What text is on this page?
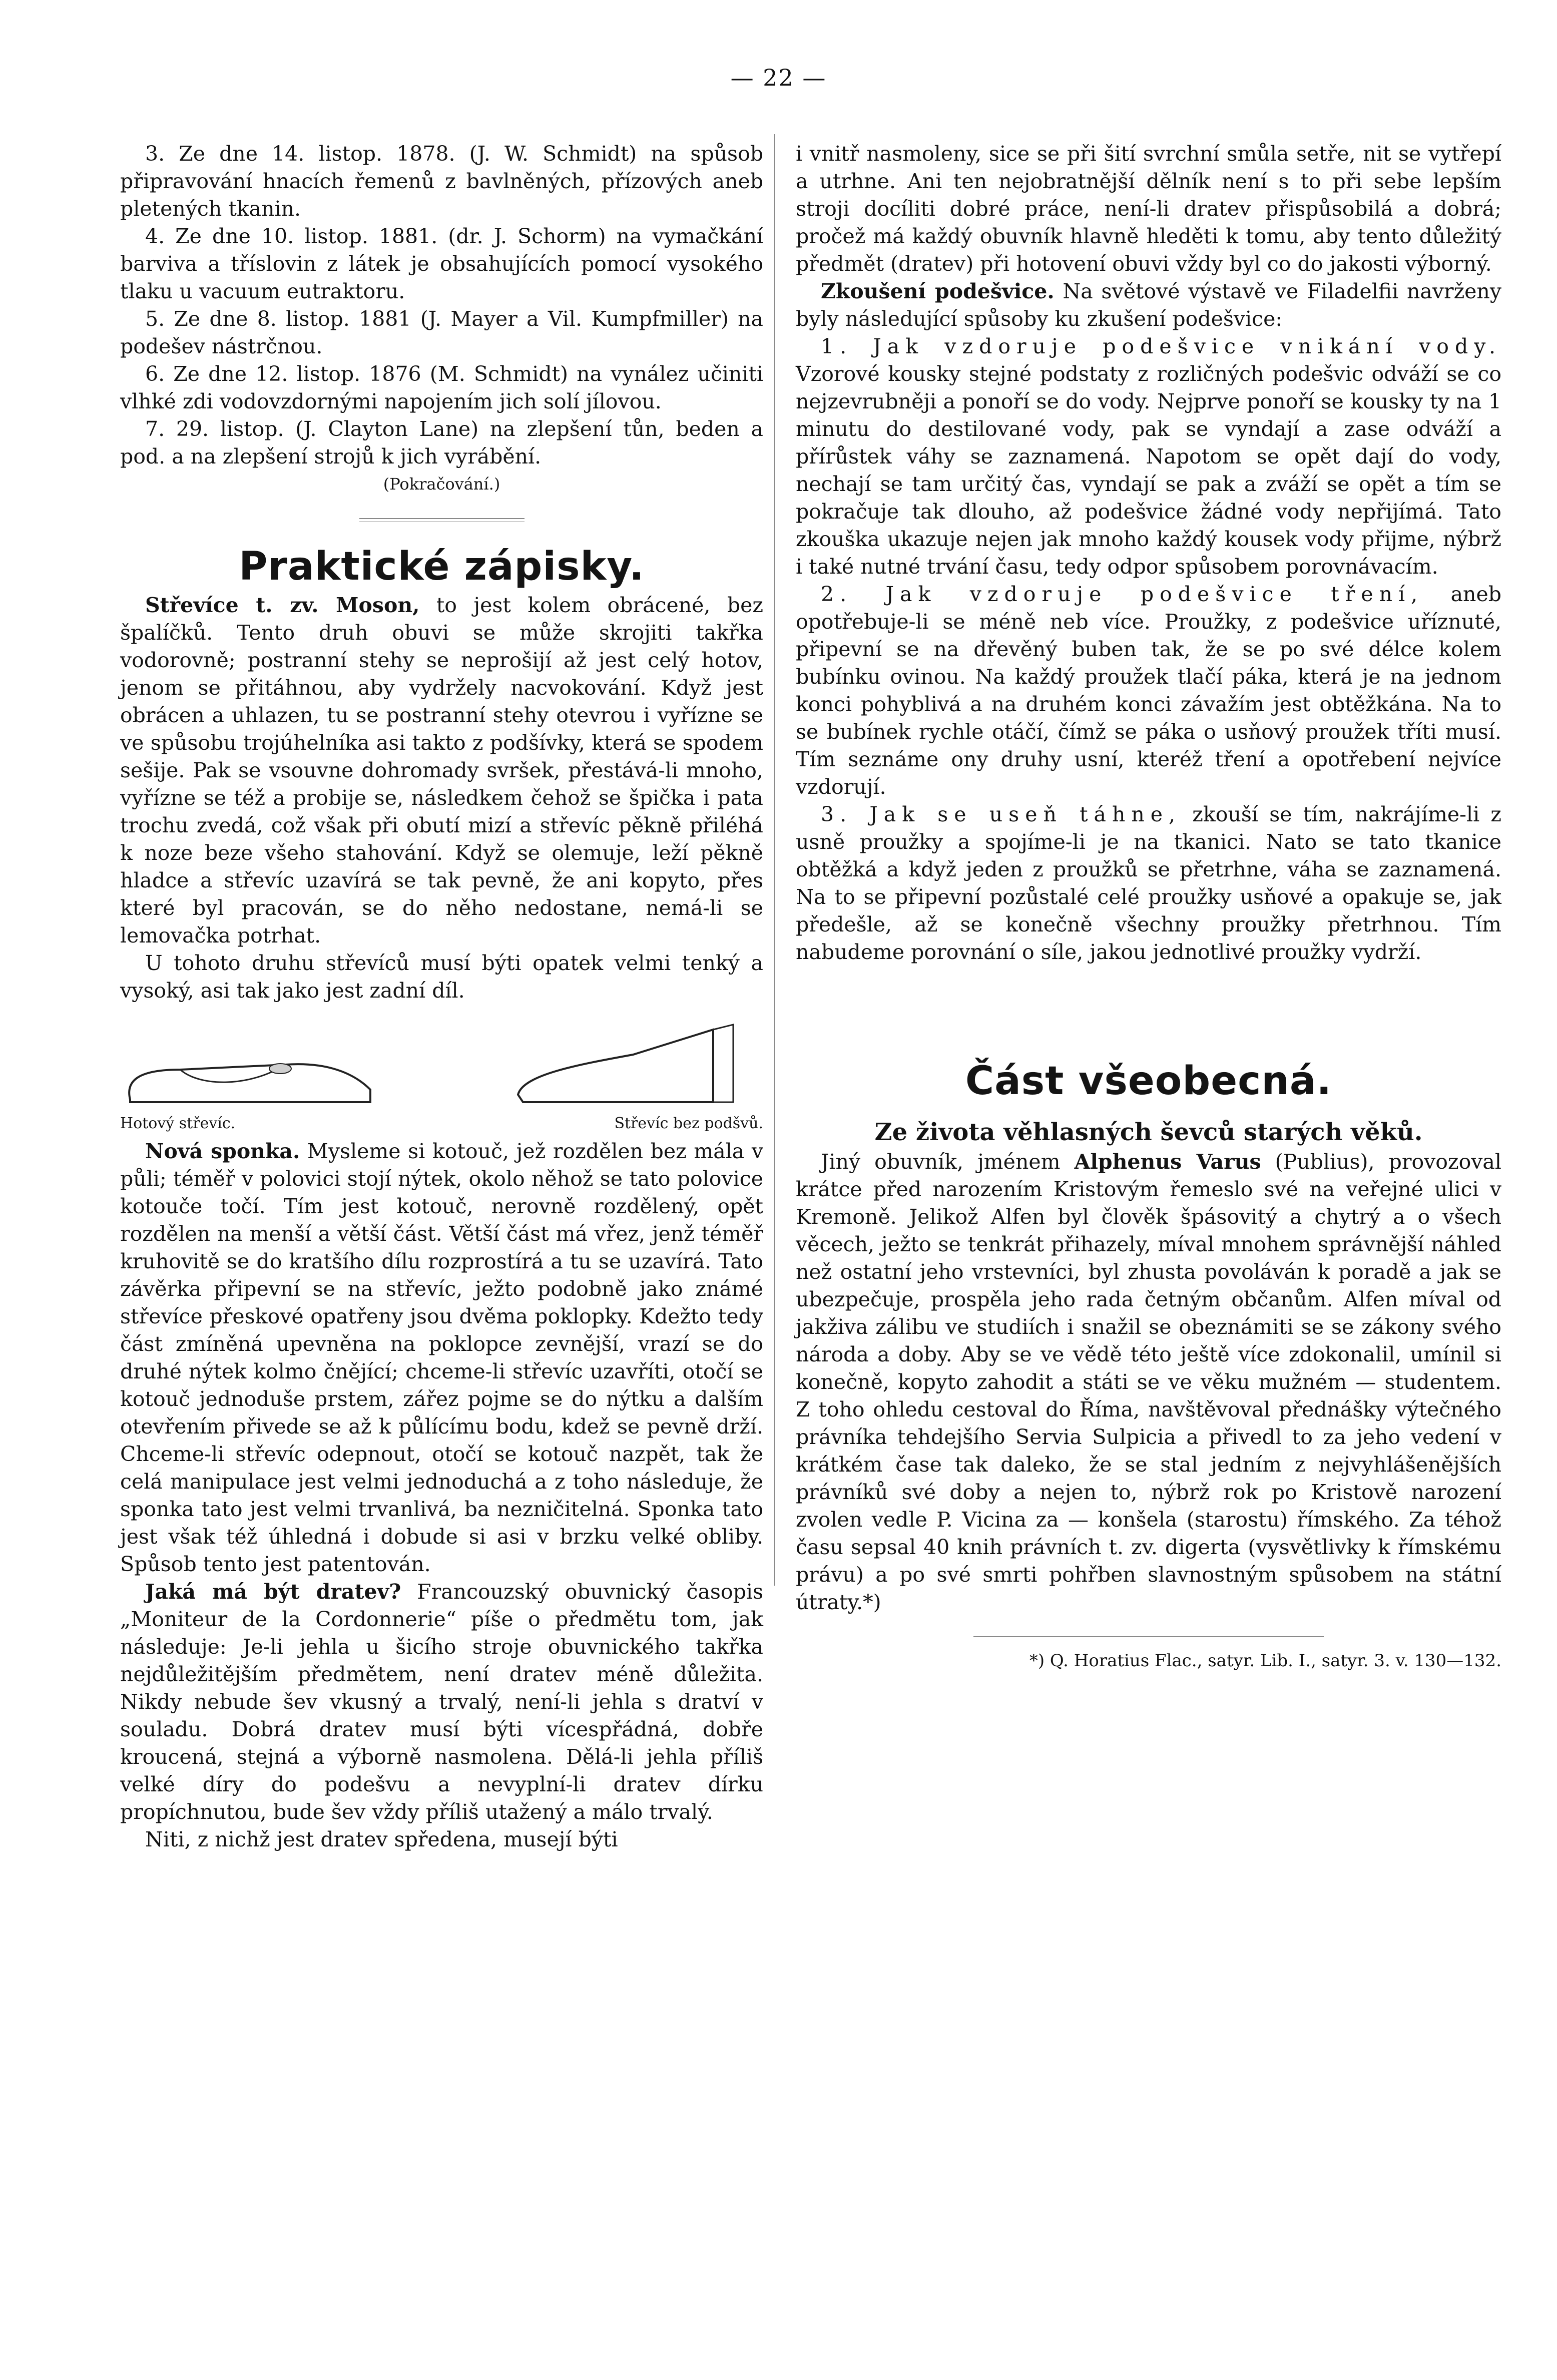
— 22 —

3. Ze dne 14. listop. 1878. (J. W. Schmidt) na spůsob připravování hnacích řemenů z bavlněných, přízových aneb pletených tkanin.

4. Ze dne 10. listop. 1881. (dr. J. Schorm) na vymačkání barviva a tříslovin z látek je obsahujících pomocí vysokého tlaku u vacuum eutraktoru.

5. Ze dne 8. listop. 1881 (J. Mayer a Vil. Kumpfmiller) na podešev nástrčnou.

6. Ze dne 12. listop. 1876 (M. Schmidt) na vynález učiniti vlhké zdi vodovzdornými napojením jich solí jílovou.

7. 29. listop. (J. Clayton Lane) na zlepšení tůn, beden a pod. a na zlepšení strojů k jich vyrábění.

(Pokračování.)

Praktické zápisky.

Střevíce t. zv. Moson, to jest kolem obrácené, bez špalíčků. Tento druh obuvi se může skrojiti takřka vodorovně; postranní stehy se neprošijí až jest celý hotov, jenom se přitáhnou, aby vydržely nacvokování. Když jest obrácen a uhlazen, tu se postranní stehy otevrou i vyřízne se ve spůsobu trojúhelníka asi takto z podšívky, která se spodem sešije. Pak se vsouvne dohromady svršek, přestává-li mnoho, vyřízne se též a probije se, následkem čehož se špička i pata trochu zvedá, což však při obutí mizí a střevíc pěkně přiléhá k noze beze všeho stahování. Když se olemuje, leží pěkně hladce a střevíc uzavírá se tak pevně, že ani kopyto, přes které byl pracován, se do něho nedostane, nemá-li se lemovačka potrhat.

U tohoto druhu střevíců musí býti opatek velmi tenký a vysoký, asi tak jako jest zadní díl.

Hotový střevíc.	Střevíc bez podšvů.

Nová sponka. Mysleme si kotouč, jež rozdělen bez mála v půli; téměř v polovici stojí nýtek, okolo něhož se tato polovice kotouče točí. Tím jest kotouč, nerovně rozdělený, opět rozdělen na menší a větší část. Větší část má vřez, jenž téměř kruhovitě se do kratšího dílu rozprostírá a tu se uzavírá. Tato závěrka připevní se na střevíc, ježto podobně jako známé střevíce přeskové opatřeny jsou dvěma poklopky. Kdežto tedy část zmíněná upevněna na poklopce zevnější, vrazí se do druhé nýtek kolmo čnějící; chceme-li střevíc uzavříti, otočí se kotouč jednoduše prstem, zářez pojme se do nýtku a dalším otevřením přivede se až k půlícímu bodu, kdež se pevně drží. Chceme-li střevíc odepnout, otočí se kotouč nazpět, tak že celá manipulace jest velmi jednoduchá a z toho následuje, že sponka tato jest velmi trvanlivá, ba nezničitelná. Sponka tato jest však též úhledná i dobude si asi v brzku velké obliby. Spůsob tento jest patentován.

Jaká má být dratev? Francouzský obuvnický časopis „Moniteur de la Cordonnerie“ píše o předmětu tom, jak následuje: Je-li jehla u šicího stroje obuvnického takřka nejdůležitějším předmětem, není dratev méně důležita. Nikdy nebude šev vkusný a trvalý, není-li jehla s dratví v souladu. Dobrá dratev musí býti vícespřádná, dobře kroucená, stejná a výborně nasmolena. Dělá-li jehla příliš velké díry do podešvu a nevyplní-li dratev dírku propíchnutou, bude šev vždy příliš utažený a málo trvalý.

Niti, z nichž jest dratev spředena, musejí býti

i vnitř nasmoleny, sice se při šití svrchní smůla setře, nit se vytřepí a utrhne. Ani ten nejobratnější dělník není s to při sebe lepším stroji docíliti dobré práce, není-li dratev přispůsobilá a dobrá; pročež má každý obuvník hlavně hleděti k tomu, aby tento důležitý předmět (dratev) při hotovení obuvi vždy byl co do jakosti výborný.

Zkoušení podešvice. Na světové výstavě ve Filadelfii navrženy byly následující spůsoby ku zkušení podešvice:

1. Jak vzdoruje podešvice vnikání vody. Vzorové kousky stejné podstaty z rozličných podešvic odváží se co nejzevrubněji a ponoří se do vody. Nejprve ponoří se kousky ty na 1 minutu do destilované vody, pak se vyndají a zase odváží a přírůstek váhy se zaznamená. Napotom se opět dají do vody, nechají se tam určitý čas, vyndají se pak a zváží se opět a tím se pokračuje tak dlouho, až podešvice žádné vody nepřijímá. Tato zkouška ukazuje nejen jak mnoho každý kousek vody přijme, nýbrž i také nutné trvání času, tedy odpor spůsobem porovnávacím.

2. Jak vzdoruje podešvice tření, aneb opotřebuje-li se méně neb více. Proužky, z podešvice uříznuté, připevní se na dřevěný buben tak, že se po své délce kolem bubínku ovinou. Na každý proužek tlačí páka, která je na jednom konci pohyblivá a na druhém konci závažím jest obtěžkána. Na to se bubínek rychle otáčí, čímž se páka o usňový proužek tříti musí. Tím seznáme ony druhy usní, kteréž tření a opotřebení nejvíce vzdorují.

3. Jak se useň táhne, zkouší se tím, nakrájíme-li z usně proužky a spojíme-li je na tkanici. Nato se tato tkanice obtěžká a když jeden z proužků se přetrhne, váha se zaznamená. Na to se připevní pozůstalé celé proužky usňové a opakuje se, jak předešle, až se konečně všechny proužky přetrhnou. Tím nabudeme porovnání o síle, jakou jednotlivé proužky vydrží.

Část všeobecná.
Ze života věhlasných ševců starých věků.

Jiný obuvník, jménem Alphenus Varus (Publius), provozoval krátce před narozením Kristovým řemeslo své na veřejné ulici v Kremoně. Jelikož Alfen byl člověk špásovitý a chytrý a o všech věcech, ježto se tenkrát přihazely, míval mnohem správnější náhled než ostatní jeho vrstevníci, byl zhusta povoláván k poradě a jak se ubezpečuje, prospěla jeho rada četným občanům. Alfen míval od jakživa zálibu ve studiích i snažil se obeznámiti se se zákony svého národa a doby. Aby se ve vědě této ještě více zdokonalil, umínil si konečně, kopyto zahodit a státi se ve věku mužném — studentem. Z toho ohledu cestoval do Říma, navštěvoval přednášky výtečného právníka tehdejšího Servia Sulpicia a přivedl to za jeho vedení v krátkém čase tak daleko, že se stal jedním z nejvyhlášenějších právníků své doby a nejen to, nýbrž rok po Kristově narození zvolen vedle P. Vicina za — konšela (starostu) římského. Za téhož času sepsal 40 knih právních t. zv. digerta (vysvětlivky k římskému právu) a po své smrti pohřben slavnostným spůsobem na státní útraty.*)

*) Q. Horatius Flac., satyr. Lib. I., satyr. 3. v. 130—132.
